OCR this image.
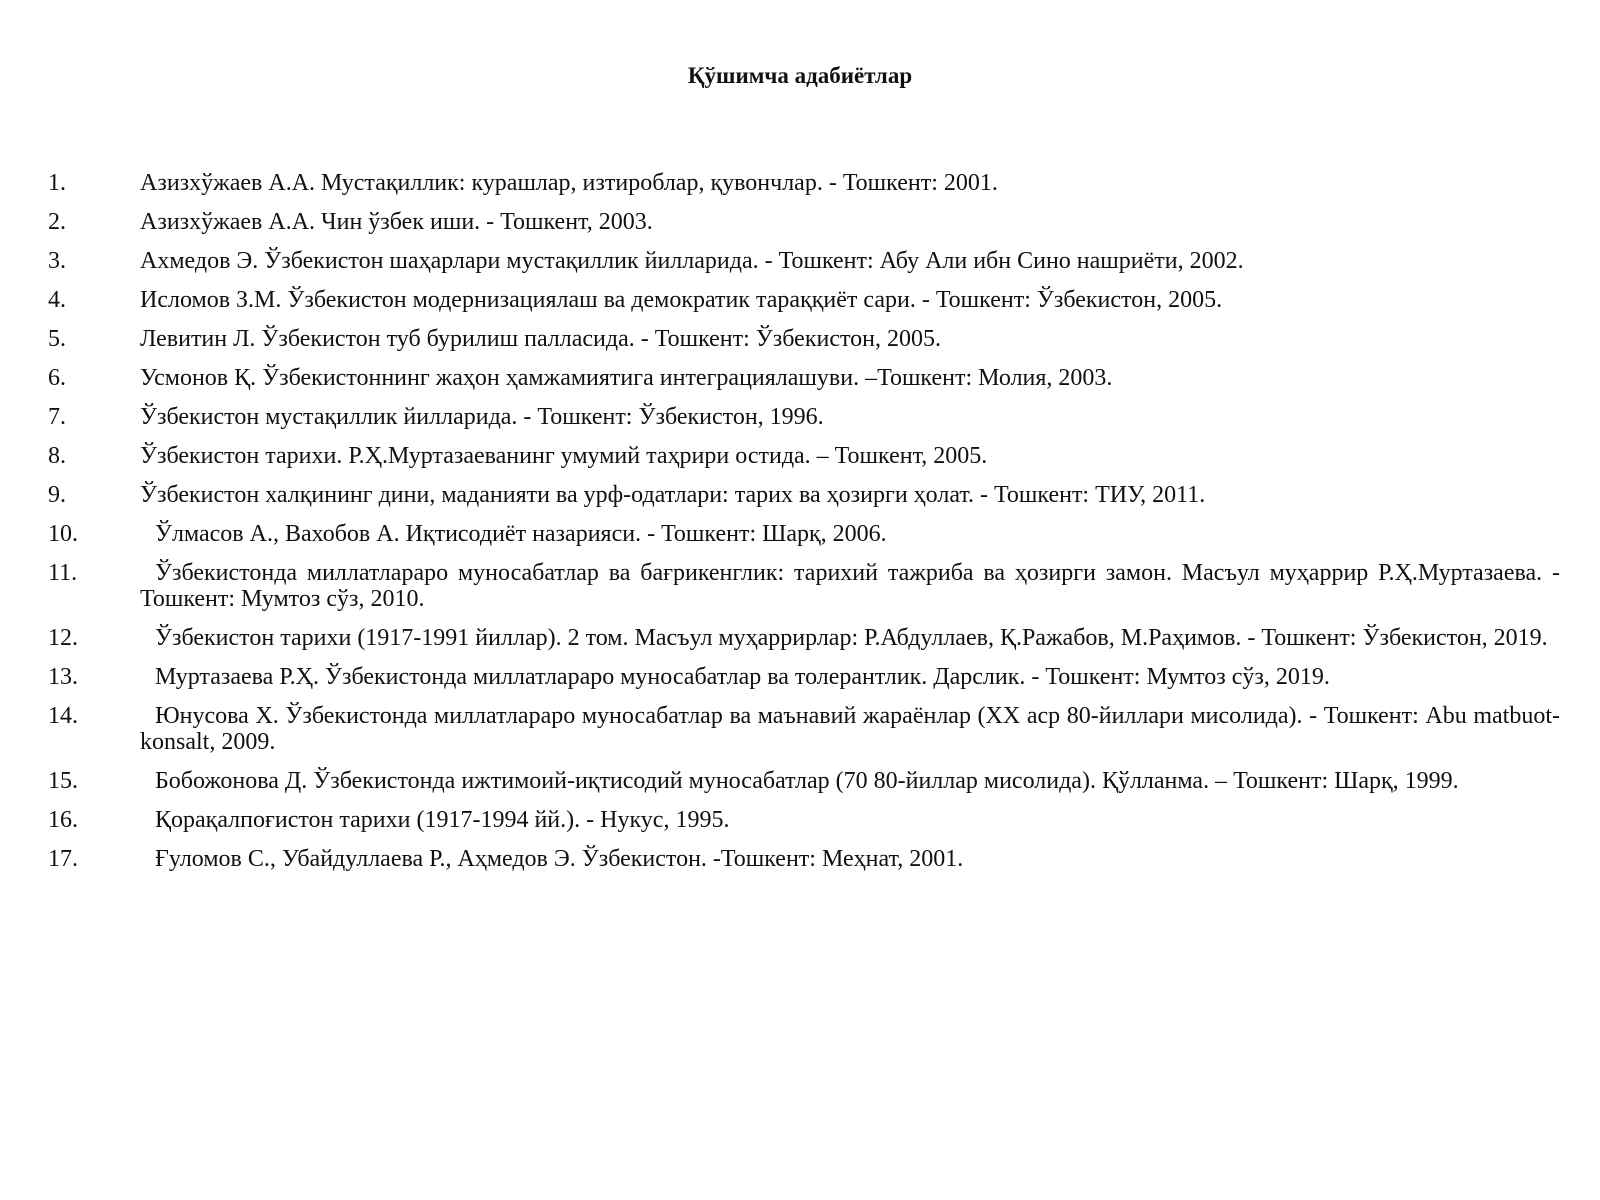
Қўшимча адабиётлар
1.	Азизхўжаев А.А. Мустақиллик: курашлар, изтироблар, қувончлар. - Тошкент: 2001.
2.	Азизхўжаев А.А. Чин ўзбек иши. - Тошкент, 2003.
3.	Ахмедов Э. Ўзбекистон шаҳарлари мустақиллик йилларида. - Тошкент: Абу Али ибн Сино нашриёти, 2002.
4.	Исломов З.М. Ўзбекистон модернизациялаш ва демократик тараққиёт сари. - Тошкент: Ўзбекистон, 2005.
5.	Левитин Л. Ўзбекистон туб бурилиш палласида. - Тошкент: Ўзбекистон, 2005.
6.	Усмонов Қ. Ўзбекистоннинг жаҳон ҳамжамиятига интеграциялашуви. –Тошкент: Молия, 2003.
7.	Ўзбекистон мустақиллик йилларида. - Тошкент: Ўзбекистон, 1996.
8.	Ўзбекистон тарихи. Р.Ҳ.Муртазаеванинг умумий таҳрири остида. – Тошкент, 2005.
9.	Ўзбекистон халқининг дини, маданияти ва урф-одатлари: тарих ва ҳозирги ҳолат. - Тошкент: ТИУ, 2011.
10.	Ўлмасов А., Вахобов А. Иқтисодиёт назарияси. - Тошкент: Шарқ, 2006.
11.	Ўзбекистонда миллатлараро муносабатлар ва бағрикенглик: тарихий тажриба ва ҳозирги замон. Масъул муҳаррир Р.Ҳ.Муртазаева. - Тошкент: Мумтоз сўз, 2010.
12.	Ўзбекистон тарихи (1917-1991 йиллар). 2 том. Масъул муҳаррирлар: Р.Абдуллаев, Қ.Ражабов, М.Раҳимов. - Тошкент: Ўзбекистон, 2019.
13.	Муртазаева Р.Ҳ. Ўзбекистонда миллатлараро муносабатлар ва толерантлик. Дарслик. - Тошкент: Мумтоз сўз, 2019.
14.	Юнусова Х. Ўзбекистонда миллатлараро муносабатлар ва маънавий жараёнлар (XX аср 80-йиллари мисолида). - Тошкент: Abu matbuot-konsalt, 2009.
15.	Бобожонова Д. Ўзбекистонда ижтимоий-иқтисодий муносабатлар (70 80-йиллар мисолида). Қўлланма. – Тошкент: Шарқ, 1999.
16.	Қорақалпоғистон тарихи (1917-1994 йй.). - Нукус, 1995.
17.	Ғуломов С., Убайдуллаева Р., Аҳмедов Э. Ўзбекистон. -Тошкент: Меҳнат, 2001.
